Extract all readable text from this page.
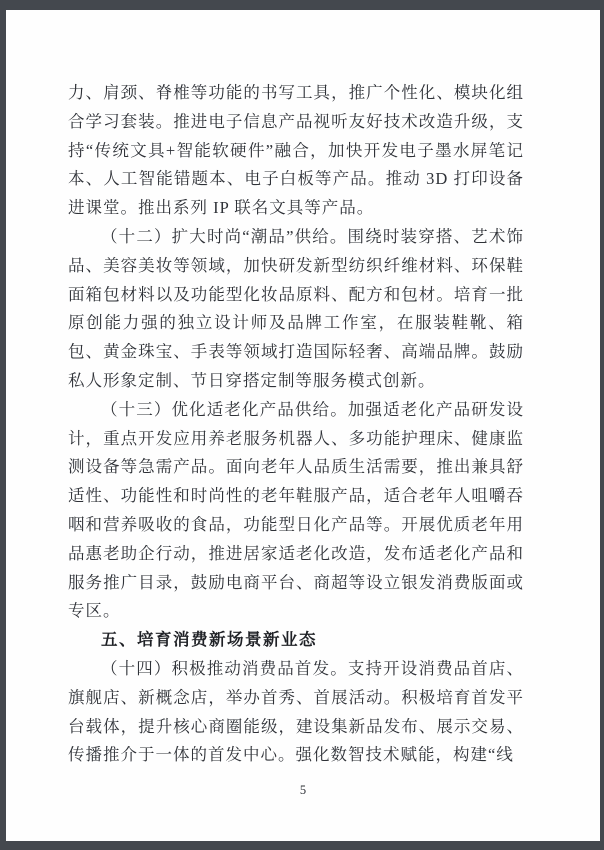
力、肩颈、脊椎等功能的书写工具，推广个性化、模块化组合学习套装。推进电子信息产品视听友好技术改造升级，支持“传统文具+智能软硬件”融合，加快开发电子墨水屏笔记本、人工智能错题本、电子白板等产品。推动 3D 打印设备进课堂。推出系列 IP 联名文具等产品。

（十二）扩大时尚“潮品”供给。围绕时装穿搭、艺术饰品、美容美妆等领域，加快研发新型纺织纤维材料、环保鞋面箱包材料以及功能型化妆品原料、配方和包材。培育一批原创能力强的独立设计师及品牌工作室，在服装鞋靴、箱包、黄金珠宝、手表等领域打造国际轻奢、高端品牌。鼓励私人形象定制、节日穿搭定制等服务模式创新。

（十三）优化适老化产品供给。加强适老化产品研发设计，重点开发应用养老服务机器人、多功能护理床、健康监测设备等急需产品。面向老年人品质生活需要，推出兼具舒适性、功能性和时尚性的老年鞋服产品，适合老年人咀嚼吞咽和营养吸收的食品，功能型日化产品等。开展优质老年用品惠老助企行动，推进居家适老化改造，发布适老化产品和服务推广目录，鼓励电商平台、商超等设立银发消费版面或专区。

五、培育消费新场景新业态

（十四）积极推动消费品首发。支持开设消费品首店、旗舰店、新概念店，举办首秀、首展活动。积极培育首发平台载体，提升核心商圈能级，建设集新品发布、展示交易、传播推介于一体的首发中心。强化数智技术赋能，构建“线

5
